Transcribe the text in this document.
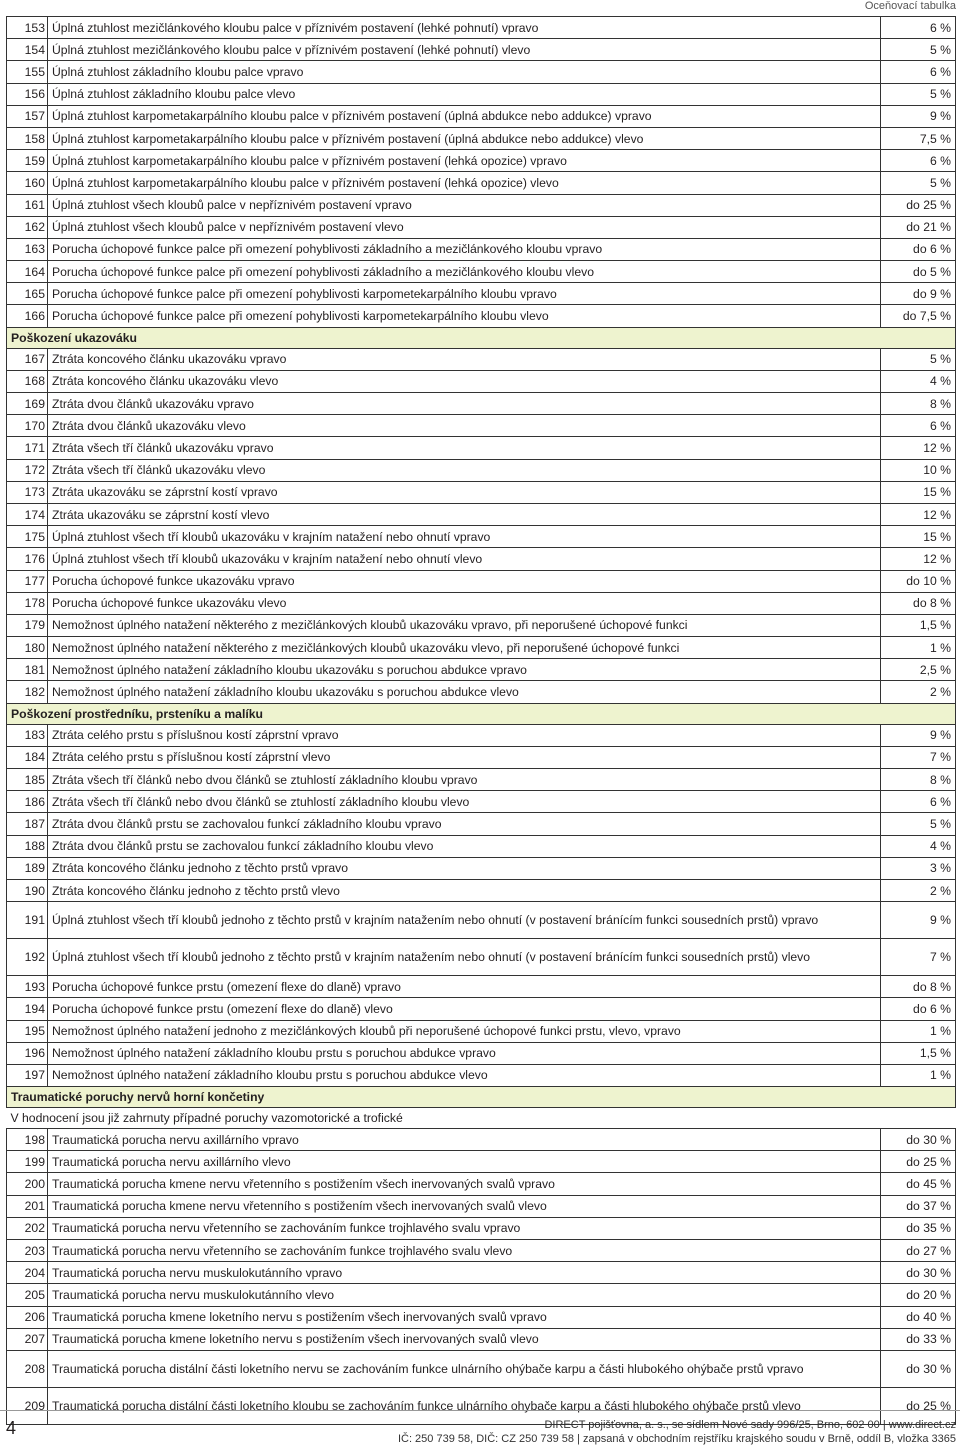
Oceňovací tabulka
153	Úplná ztuhlost mezičlánkového kloubu palce v příznivém postavení (lehké pohnutí) vpravo	6 %
154	Úplná ztuhlost mezičlánkového kloubu palce v příznivém postavení (lehké pohnutí) vlevo	5 %
155	Úplná ztuhlost základního kloubu palce vpravo	6 %
156	Úplná ztuhlost základního kloubu palce vlevo	5 %
157	Úplná ztuhlost karpometakarpálního kloubu palce v příznivém postavení (úplná abdukce nebo addukce) vpravo	9 %
158	Úplná ztuhlost karpometakarpálního kloubu palce v příznivém postavení (úplná abdukce nebo addukce) vlevo	7,5 %
159	Úplná ztuhlost karpometakarpálního kloubu palce v příznivém postavení (lehká opozice) vpravo	6 %
160	Úplná ztuhlost karpometakarpálního kloubu palce v příznivém postavení (lehká opozice) vlevo	5 %
161	Úplná ztuhlost všech kloubů palce v nepříznivém postavení vpravo	do 25 %
162	Úplná ztuhlost všech kloubů palce v nepříznivém postavení vlevo	do 21 %
163	Porucha úchopové funkce palce při omezení pohyblivosti základního a mezičlánkového kloubu vpravo	do 6 %
164	Porucha úchopové funkce palce při omezení pohyblivosti základního a mezičlánkového kloubu vlevo	do 5 %
165	Porucha úchopové funkce palce při omezení pohyblivosti karpometekarpálního kloubu vpravo	do 9 %
166	Porucha úchopové funkce palce při omezení pohyblivosti karpometekarpálního kloubu vlevo	do 7,5 %
Poškození ukazováku		
167	Ztráta koncového článku ukazováku vpravo	5 %
168	Ztráta koncového článku ukazováku vlevo	4 %
169	Ztráta dvou článků ukazováku vpravo	8 %
170	Ztráta dvou článků ukazováku vlevo	6 %
171	Ztráta všech tří článků ukazováku vpravo	12 %
172	Ztráta všech tří článků ukazováku vlevo	10 %
173	Ztráta ukazováku se záprstní kostí vpravo	15 %
174	Ztráta ukazováku se záprstní kostí vlevo	12 %
175	Úplná ztuhlost všech tří kloubů ukazováku v krajním natažení nebo ohnutí vpravo	15 %
176	Úplná ztuhlost všech tří kloubů ukazováku v krajním natažení nebo ohnutí vlevo	12 %
177	Porucha úchopové funkce ukazováku vpravo	do 10 %
178	Porucha úchopové funkce ukazováku vlevo	do 8 %
179	Nemožnost úplného natažení některého z mezičlánkových kloubů ukazováku vpravo, při neporušené úchopové funkci	1,5 %
180	Nemožnost úplného natažení některého z mezičlánkových kloubů ukazováku vlevo, při neporušené úchopové funkci	1 %
181	Nemožnost úplného natažení základního kloubu ukazováku s poruchou abdukce vpravo	2,5 %
182	Nemožnost úplného natažení základního kloubu ukazováku s poruchou abdukce vlevo	2 %
Poškození prostředníku, prsteníku a malíku		
183	Ztráta celého prstu s příslušnou kostí záprstní vpravo	9 %
184	Ztráta celého prstu s příslušnou kostí záprstní vlevo	7 %
185	Ztráta všech tří článků nebo dvou článků se ztuhlostí základního kloubu vpravo	8 %
186	Ztráta všech tří článků nebo dvou článků se ztuhlostí základního kloubu vlevo	6 %
187	Ztráta dvou článků prstu se zachovalou funkcí základního kloubu vpravo	5 %
188	Ztráta dvou článků prstu se zachovalou funkcí základního kloubu vlevo	4 %
189	Ztráta koncového článku jednoho z těchto prstů vpravo	3 %
190	Ztráta koncového článku jednoho z těchto prstů vlevo	2 %
191	Úplná ztuhlost všech tří kloubů jednoho z těchto prstů v krajním natažením nebo ohnutí (v postavení bránícím funkci sousedních prstů) vpravo	9 %
192	Úplná ztuhlost všech tří kloubů jednoho z těchto prstů v krajním natažením nebo ohnutí (v postavení bránícím funkci sousedních prstů) vlevo	7 %
193	Porucha úchopové funkce prstu (omezení flexe do dlaně) vpravo	do 8 %
194	Porucha úchopové funkce prstu (omezení flexe do dlaně) vlevo	do 6 %
195	Nemožnost úplného natažení jednoho z mezičlánkových kloubů při neporušené úchopové funkci prstu, vlevo, vpravo	1 %
196	Nemožnost úplného natažení základního kloubu prstu s poruchou abdukce vpravo	1,5 %
197	Nemožnost úplného natažení základního kloubu prstu s poruchou abdukce vlevo	1 %
Traumatické poruchy nervů horní končetiny		
V hodnocení jsou již zahrnuty případné poruchy vazomotorické a trofické		
198	Traumatická porucha nervu axillárního vpravo	do 30 %
199	Traumatická porucha nervu axillárního vlevo	do 25 %
200	Traumatická porucha kmene nervu vřetenního s postižením všech inervovaných svalů vpravo	do 45 %
201	Traumatická porucha kmene nervu vřetenního s postižením všech inervovaných svalů vlevo	do 37 %
202	Traumatická porucha nervu vřetenního se zachováním funkce trojhlavého svalu vpravo	do 35 %
203	Traumatická porucha nervu vřetenního se zachováním funkce trojhlavého svalu vlevo	do 27 %
204	Traumatická porucha nervu muskulokutánního vpravo	do 30 %
205	Traumatická porucha nervu muskulokutánního vlevo	do 20 %
206	Traumatická porucha kmene loketního nervu s postižením všech inervovaných svalů vpravo	do 40 %
207	Traumatická porucha kmene loketního nervu s postižením všech inervovaných svalů vlevo	do 33 %
208	Traumatická porucha distální části loketního nervu se zachováním funkce ulnárního ohýbače karpu a části hlubokého ohýbače prstů vpravo	do 30 %
209	Traumatická porucha distální části loketního kloubu se zachováním funkce ulnárního ohybače karpu a části hlubokého ohýbače prstů vlevo	do 25 %
4	DIRECT pojišťovna, a. s., se sídlem Nové sady 996/25, Brno, 602 00 | www.direct.cz
IČ: 250 739 58, DIČ: CZ 250 739 58 | zapsaná v obchodním rejstříku krajského soudu v Brně, oddíl B, vložka 3365
